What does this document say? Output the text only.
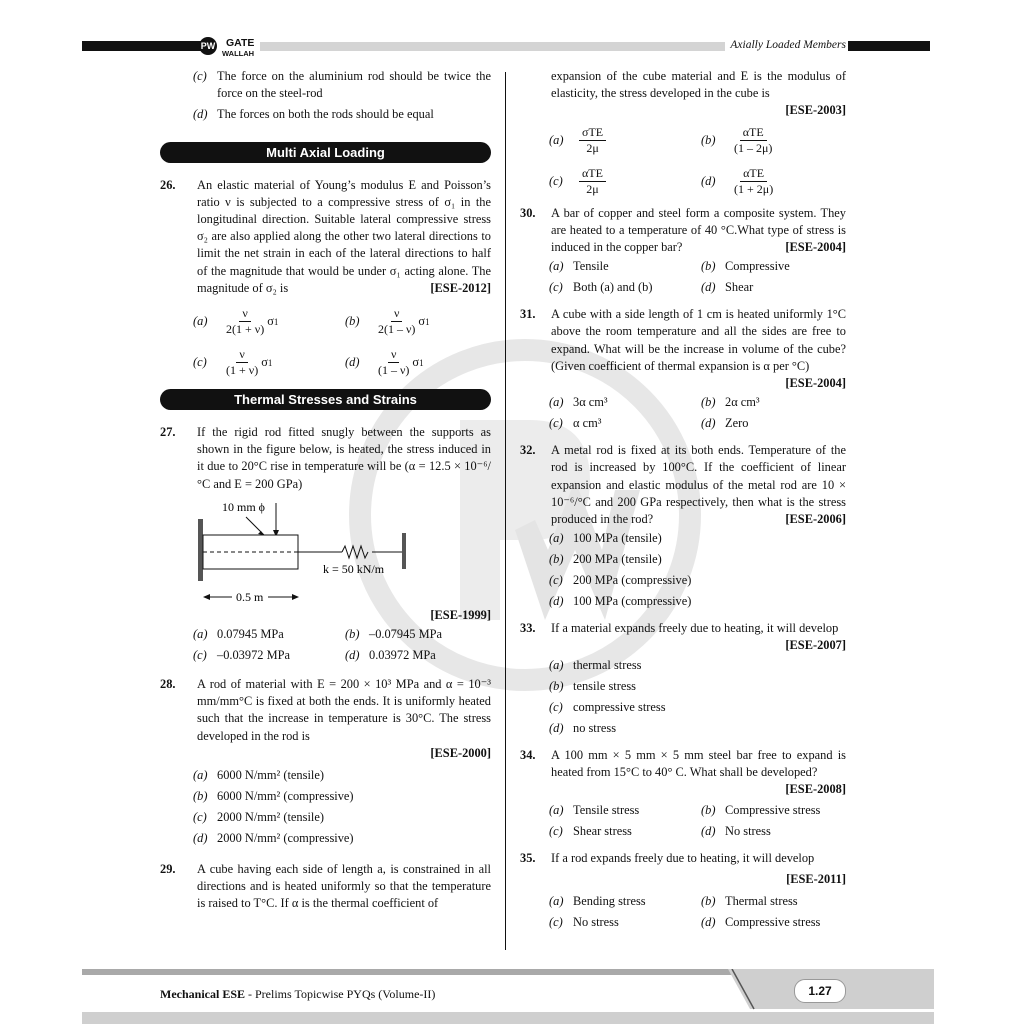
PW GATE
WALLAH
Axially Loaded Members
(c) The force on the aluminium rod should be twice the force on the steel-rod
(d) The forces on both the rods should be equal
Multi Axial Loading
26.	An elastic material of Young’s modulus E and Poisson’s ratio ν is subjected to a compressive stress of σ₁ in the longitudinal direction. Suitable lateral compressive stress σ₂ are also applied along the other two lateral directions to limit the net strain in each of the lateral directions to half of the magnitude that would be under σ₁ acting alone. The magnitude of σ₂ is	[ESE-2012]
(a)	$\frac{\nu}{2(1 + \nu)}$ σ 1	(b)	$\frac{\nu}{2(1 - \nu)}$ σ 1
(c)	$\frac{\nu}{(1 + \nu)}$ σ 1	(d)	$\frac{\nu}{(1 - \nu)}$ σ 1
Thermal Stresses and Strains
27.	If the rigid rod fitted snugly between the supports as shown in the figure below, is heated, the stress induced in it due to 20°C rise in temperature will be (α = 12.5 × 10⁻⁶/°C and E = 200 GPa)
10 mm ϕ
k = 50 kN/m
0.5 m
[ESE-1999]
(a) 0.07945 MPa	(b) –0.07945 MPa
(c) –0.03972 MPa	(d) 0.03972 MPa
28.	A rod of material with E = 200 × 10³ MPa and α = 10⁻³ mm/mm°C is fixed at both the ends. It is uniformly heated such that the increase in temperature is 30°C. The stress developed in the rod is
[ESE-2000]
(a) 6000 N/mm² (tensile)
(b) 6000 N/mm² (compressive)
(c) 2000 N/mm² (tensile)
(d) 2000 N/mm² (compressive)
29.	A cube having each side of length a, is constrained in all directions and is heated uniformly so that the temperature is raised to T°C. If α is the thermal coefficient of
expansion of the cube material and E is the modulus of elasticity, the stress developed in the cube is
[ESE-2003]
(a)	$\frac{\text{σTE}}{2\mu}$	(b)	$\frac{\text{αTE}}{(1 - 2\mu)}$
(c)	$\frac{\text{αTE}}{2\mu}$	(d)	$\frac{\text{αTE}}{(1 + 2\mu)}$
30.	A bar of copper and steel form a composite system. They are heated to a temperature of 40 °C.What type of stress is induced in the copper bar?	[ESE-2004]
(a) Tensile	(b) Compressive
(c) Both (a) and (b)	(d) Shear
31.	A cube with a side length of 1 cm is heated uniformly 1°C above the room temperature and all the sides are free to expand. What will be the increase in volume of the cube? (Given coefficient of thermal expansion is α per °C)
[ESE-2004]
(a) 3α cm³	(b) 2α cm³
(c) α cm³	(d) Zero
32.	A metal rod is fixed at its both ends. Temperature of the rod is increased by 100°C. If the coefficient of linear expansion and elastic modulus of the metal rod are 10 × 10⁻⁶/°C and 200 GPa respectively, then what is the stress produced in the rod?	[ESE-2006]
(a) 100 MPa (tensile)
(b) 200 MPa (tensile)
(c) 200 MPa (compressive)
(d) 100 MPa (compressive)
33.	If a material expands freely due to heating, it will develop
[ESE-2007]
(a) thermal stress
(b) tensile stress
(c) compressive stress
(d) no stress
34.	A 100 mm × 5 mm × 5 mm steel bar free to expand is heated from 15°C to 40° C. What shall be developed?
[ESE-2008]
(a) Tensile stress	(b) Compressive stress
(c) Shear stress	(d) No stress
35.	If a rod expands freely due to heating, it will develop
[ESE-2011]
(a) Bending stress	(b) Thermal stress
(c) No stress	(d) Compressive stress
Mechanical ESE - Prelims Topicwise PYQs (Volume-II)	1.27
